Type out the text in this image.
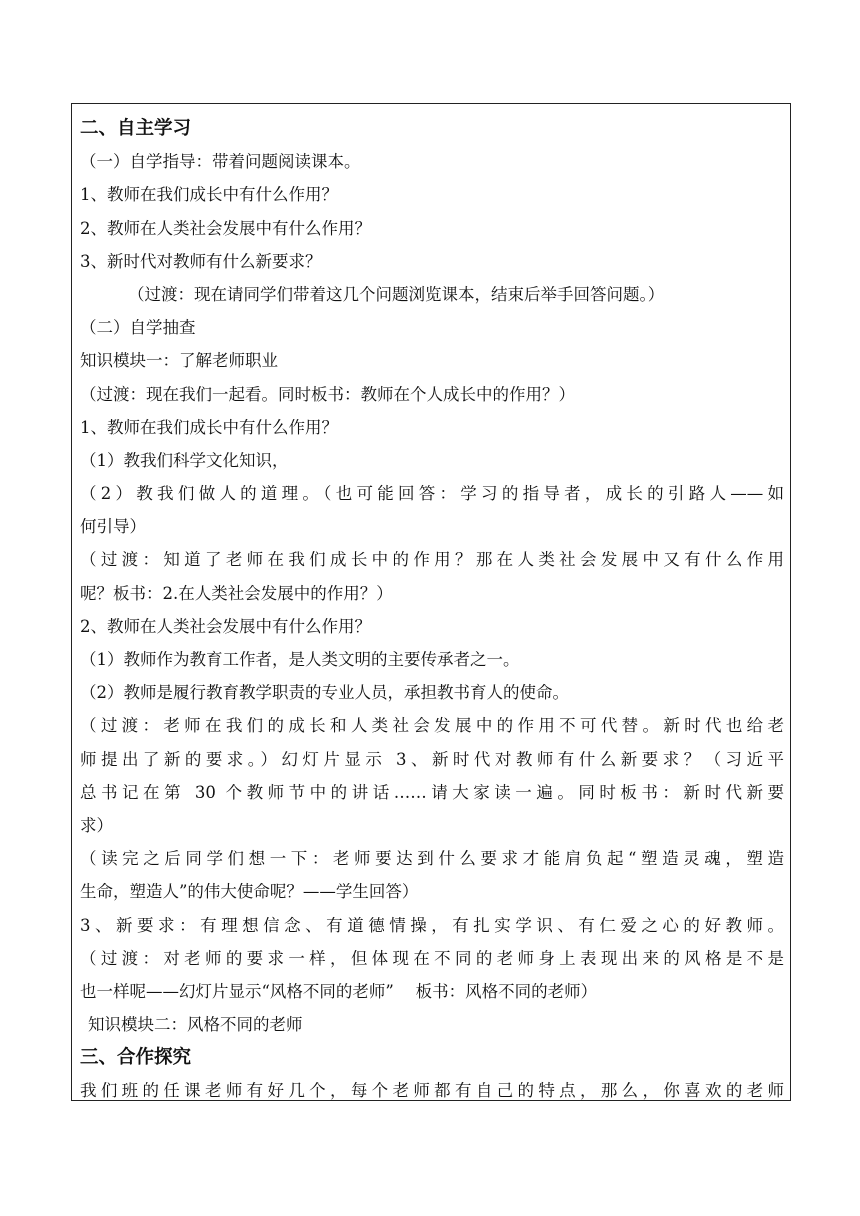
二、自主学习
（一）自学指导：带着问题阅读课本。
1、教师在我们成长中有什么作用？
2、教师在人类社会发展中有什么作用？
3、新时代对教师有什么新要求？
（过渡：现在请同学们带着这几个问题浏览课本，结束后举手回答问题。）
（二）自学抽查
知识模块一：了解老师职业
（过渡：现在我们一起看。同时板书：教师在个人成长中的作用？）
1、教师在我们成长中有什么作用？
（1）教我们科学文化知识，
（2）教我们做人的道理。（也可能回答：学习的指导者，成长的引路人——如
何引导）
（过渡：知道了老师在我们成长中的作用？那在人类社会发展中又有什么作用
呢？板书：2.在人类社会发展中的作用？）
2、教师在人类社会发展中有什么作用？
（1）教师作为教育工作者，是人类文明的主要传承者之一。
（2）教师是履行教育教学职责的专业人员，承担教书育人的使命。
（过渡：老师在我们的成长和人类社会发展中的作用不可代替。新时代也给老
师提出了新的要求。）幻灯片显示 3、新时代对教师有什么新要求？（习近平
总书记在第 30 个教师节中的讲话……请大家读一遍。同时板书：新时代新要
求）
（读完之后同学们想一下：老师要达到什么要求才能肩负起“塑造灵魂，塑造
生命，塑造人”的伟大使命呢？——学生回答）
3、新要求：有理想信念、有道德情操，有扎实学识、有仁爱之心的好教师。
（过渡：对老师的要求一样，但体现在不同的老师身上表现出来的风格是不是
也一样呢——幻灯片显示“风格不同的老师”　 板书：风格不同的老师）
知识模块二：风格不同的老师
三、合作探究
我们班的任课老师有好几个，每个老师都有自己的特点，那么，你喜欢的老师
